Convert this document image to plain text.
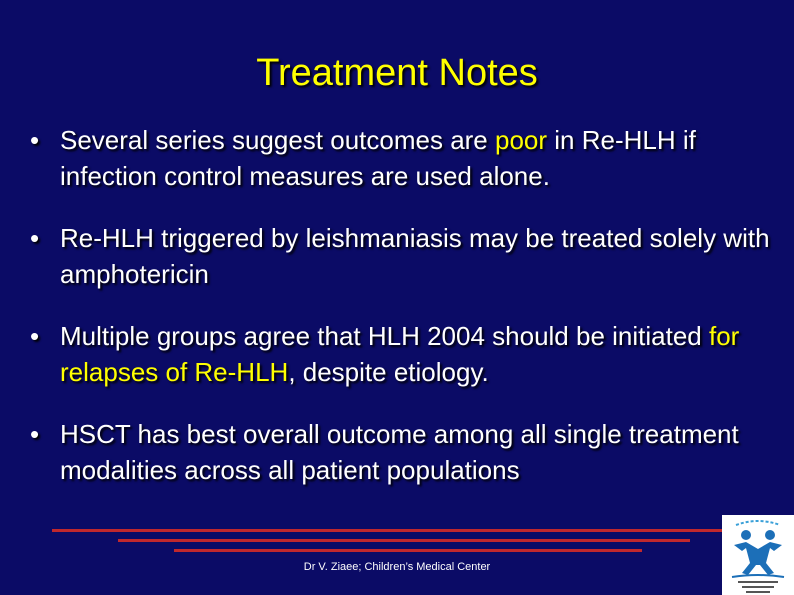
Treatment Notes
• Several series suggest outcomes are poor in Re-HLH if infection control measures are used alone.
• Re-HLH triggered by leishmaniasis may be treated solely with amphotericin
• Multiple groups agree that HLH 2004 should be initiated for relapses of Re-HLH, despite etiology.
• HSCT has best overall outcome among all single treatment modalities across all patient populations
Dr V. Ziaee; Children’s Medical Center
